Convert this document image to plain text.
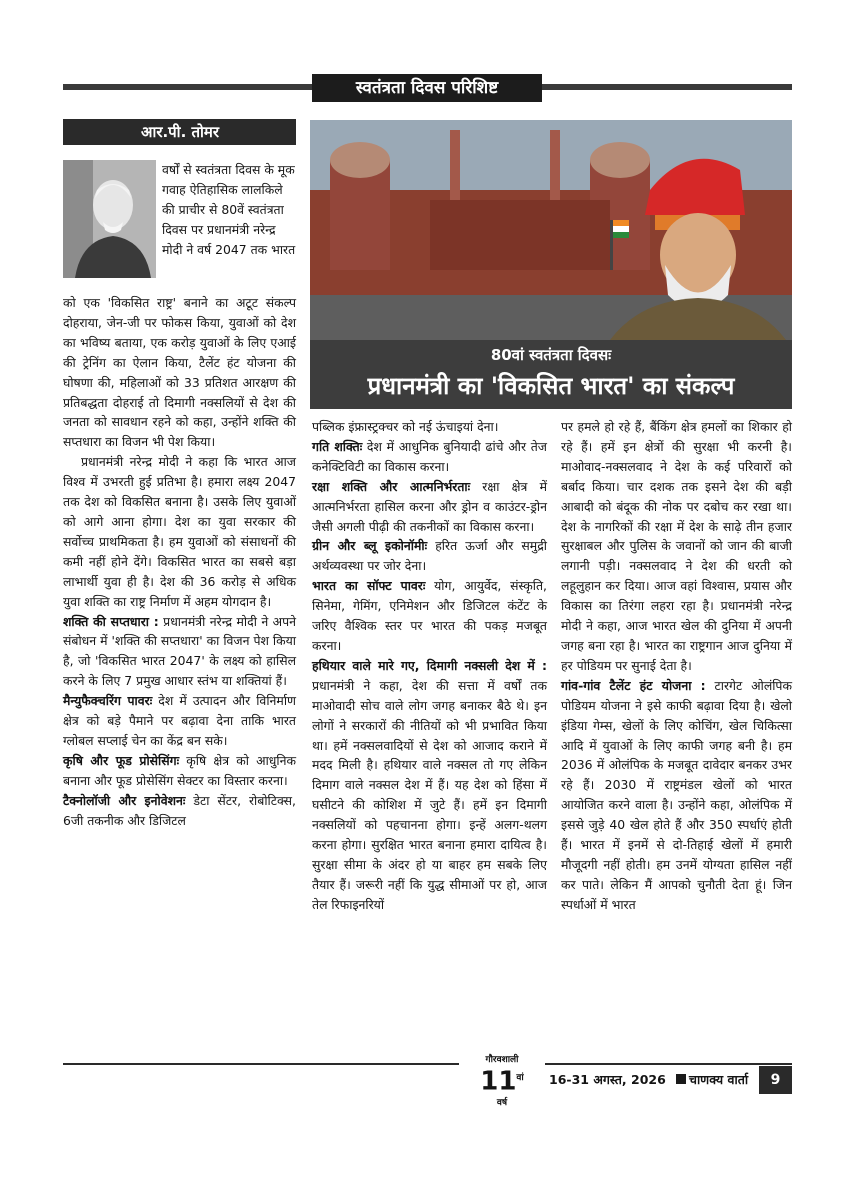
स्वतंत्रता दिवस परिशिष्ट
आर.पी. तोमर
वर्षों से स्वतंत्रता दिवस के मूक गवाह ऐतिहासिक लालकिले की प्राचीर से 80वें स्वतंत्रता दिवस पर प्रधानमंत्री नरेन्द्र मोदी ने वर्ष 2047 तक भारत
80वां स्वतंत्रता दिवसः
प्रधानमंत्री का 'विकसित भारत' का संकल्प

को एक 'विकसित राष्ट्र' बनाने का अटूट संकल्प दोहराया, जेन-जी पर फोकस किया, युवाओं को देश का भविष्य बताया, एक करोड़ युवाओं के लिए एआई की ट्रेनिंग का ऐलान किया, टैलेंट हंट योजना की घोषणा की, महिलाओं को 33 प्रतिशत आरक्षण की प्रतिबद्धता दोहराई तो दिमागी नक्सलियों से देश की जनता को सावधान रहने को कहा, उन्होंने शक्ति की सप्तधारा का विजन भी पेश किया।

प्रधानमंत्री नरेन्द्र मोदी ने कहा कि भारत आज विश्व में उभरती हुई प्रतिभा है। हमारा लक्ष्य 2047 तक देश को विकसित बनाना है। उसके लिए युवाओं को आगे आना होगा। देश का युवा सरकार की सर्वोच्च प्राथमिकता है। हम युवाओं को संसाधनों की कमी नहीं होने देंगे। विकसित भारत का सबसे बड़ा लाभार्थी युवा ही है। देश की 36 करोड़ से अधिक युवा शक्ति का राष्ट्र निर्माण में अहम योगदान है।

शक्ति की सप्तधारा : प्रधानमंत्री नरेन्द्र मोदी ने अपने संबोधन में 'शक्ति की सप्तधारा' का विजन पेश किया है, जो 'विकसित भारत 2047' के लक्ष्य को हासिल करने के लिए 7 प्रमुख आधार स्तंभ या शक्तियां हैं।

मैन्युफैक्चरिंग पावरः देश में उत्पादन और विनिर्माण क्षेत्र को बड़े पैमाने पर बढ़ावा देना ताकि भारत ग्लोबल सप्लाई चेन का केंद्र बन सके।

कृषि और फूड प्रोसेसिंगः कृषि क्षेत्र को आधुनिक बनाना और फूड प्रोसेसिंग सेक्टर का विस्तार करना।

टैक्नोलॉजी और इनोवेशनः डेटा सेंटर, रोबोटिक्स, 6जी तकनीक और डिजिटल

पब्लिक इंफ्रास्ट्रक्चर को नई ऊंचाइयां देना।

गति शक्तिः देश में आधुनिक बुनियादी ढांचे और तेज कनेक्टिविटी का विकास करना।

रक्षा शक्ति और आत्मनिर्भरताः रक्षा क्षेत्र में आत्मनिर्भरता हासिल करना और ड्रोन व काउंटर-ड्रोन जैसी अगली पीढ़ी की तकनीकों का विकास करना।

ग्रीन और ब्लू इकोनॉमीः हरित ऊर्जा और समुद्री अर्थव्यवस्था पर जोर देना।

भारत का सॉफ्ट पावरः योग, आयुर्वेद, संस्कृति, सिनेमा, गेमिंग, एनिमेशन और डिजिटल कंटेंट के जरिए वैश्विक स्तर पर भारत की पकड़ मजबूत करना।

हथियार वाले मारे गए, दिमागी नक्सली देश में : प्रधानमंत्री ने कहा, देश की सत्ता में वर्षों तक माओवादी सोच वाले लोग जगह बनाकर बैठे थे। इन लोगों ने सरकारों की नीतियों को भी प्रभावित किया था। हमें नक्सलवादियों से देश को आजाद कराने में मदद मिली है। हथियार वाले नक्सल तो गए लेकिन दिमाग वाले नक्सल देश में हैं। यह देश को हिंसा में घसीटने की कोशिश में जुटे हैं। हमें इन दिमागी नक्सलियों को पहचानना होगा। इन्हें अलग-थलग करना होगा। सुरक्षित भारत बनाना हमारा दायित्व है। सुरक्षा सीमा के अंदर हो या बाहर हम सबके लिए तैयार हैं। जरूरी नहीं कि युद्ध सीमाओं पर हो, आज तेल रिफाइनरियों

पर हमले हो रहे हैं, बैंकिंग क्षेत्र हमलों का शिकार हो रहे हैं। हमें इन क्षेत्रों की सुरक्षा भी करनी है। माओवाद-नक्सलवाद ने देश के कई परिवारों को बर्बाद किया। चार दशक तक इसने देश की बड़ी आबादी को बंदूक की नोक पर दबोच कर रखा था। देश के नागरिकों की रक्षा में देश के साढ़े तीन हजार सुरक्षाबल और पुलिस के जवानों को जान की बाजी लगानी पड़ी। नक्सलवाद ने देश की धरती को लहूलुहान कर दिया। आज वहां विश्वास, प्रयास और विकास का तिरंगा लहरा रहा है। प्रधानमंत्री नरेन्द्र मोदी ने कहा, आज भारत खेल की दुनिया में अपनी जगह बना रहा है। भारत का राष्ट्रगान आज दुनिया में हर पोडियम पर सुनाई देता है।

गांव-गांव टैलेंट हंट योजना : टारगेट ओलंपिक पोडियम योजना ने इसे काफी बढ़ावा दिया है। खेलो इंडिया गेम्स, खेलों के लिए कोचिंग, खेल चिकित्सा आदि में युवाओं के लिए काफी जगह बनी है। हम 2036 में ओलंपिक के मजबूत दावेदार बनकर उभर रहे हैं। 2030 में राष्ट्रमंडल खेलों को भारत आयोजित करने वाला है। उन्होंने कहा, ओलंपिक में इससे जुड़े 40 खेल होते हैं और 350 स्पर्धाएं होती हैं। भारत में इनमें से दो-तिहाई खेलों में हमारी मौजूदगी नहीं होती। हम उनमें योग्यता हासिल नहीं कर पाते। लेकिन मैं आपको चुनौती देता हूं। जिन स्पर्धाओं में भारत

गौरवशाली
$11^{वां}$
वर्ष
16-31 अगस्त, 2026 चाणक्य वार्ता	9
